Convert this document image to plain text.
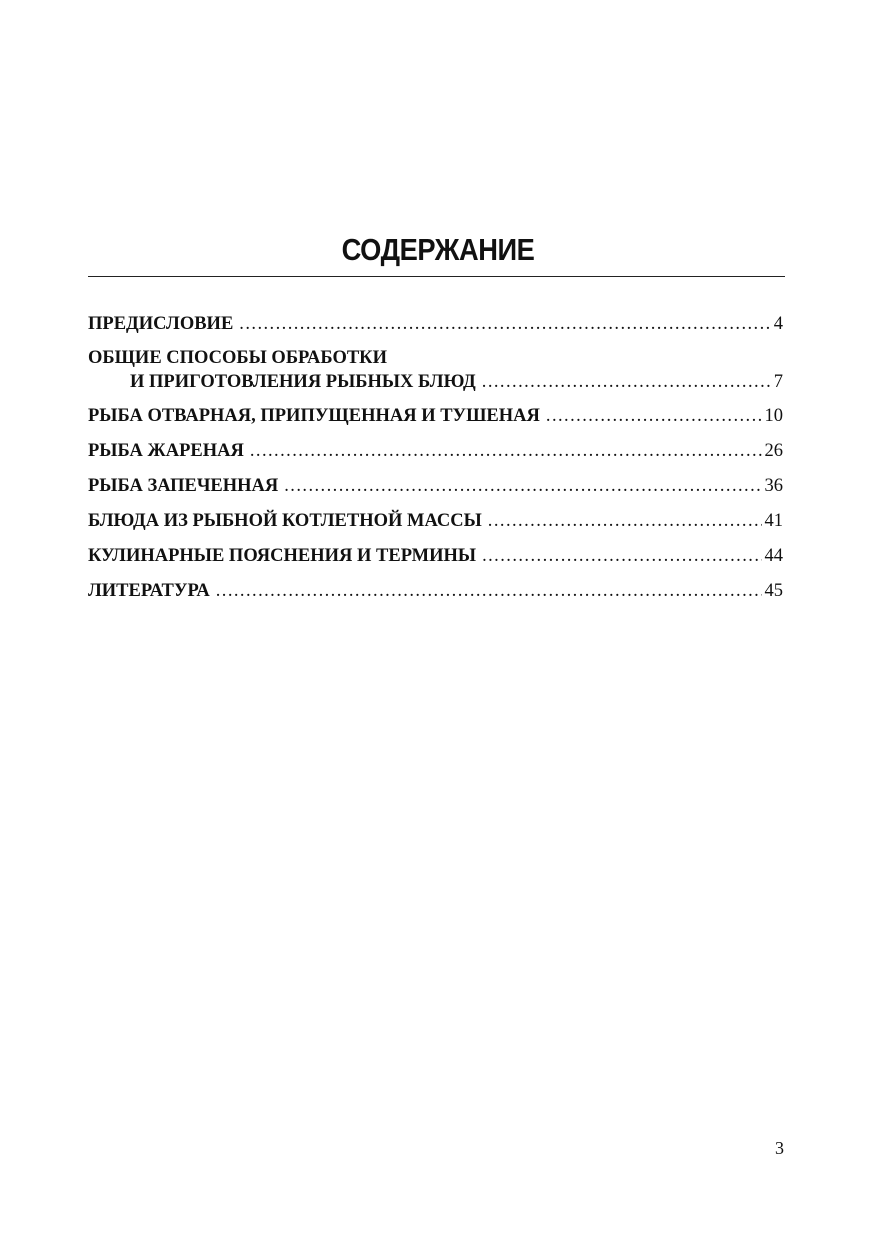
СОДЕРЖАНИЕ
ПРЕДИСЛОВИЕ . . .	4
ОБЩИЕ СПОСОБЫ ОБРАБОТКИ
И ПРИГОТОВЛЕНИЯ РЫБНЫХ БЛЮД . . .	7
РЫБА ОТВАРНАЯ, ПРИПУЩЕННАЯ И ТУШЕНАЯ . . .	10
РЫБА ЖАРЕНАЯ . . .	26
РЫБА ЗАПЕЧЕННАЯ . . .	36
БЛЮДА ИЗ РЫБНОЙ КОТЛЕТНОЙ МАССЫ . . .	41
КУЛИНАРНЫЕ ПОЯСНЕНИЯ И ТЕРМИНЫ . . .	44
ЛИТЕРАТУРА . . .	45
3
